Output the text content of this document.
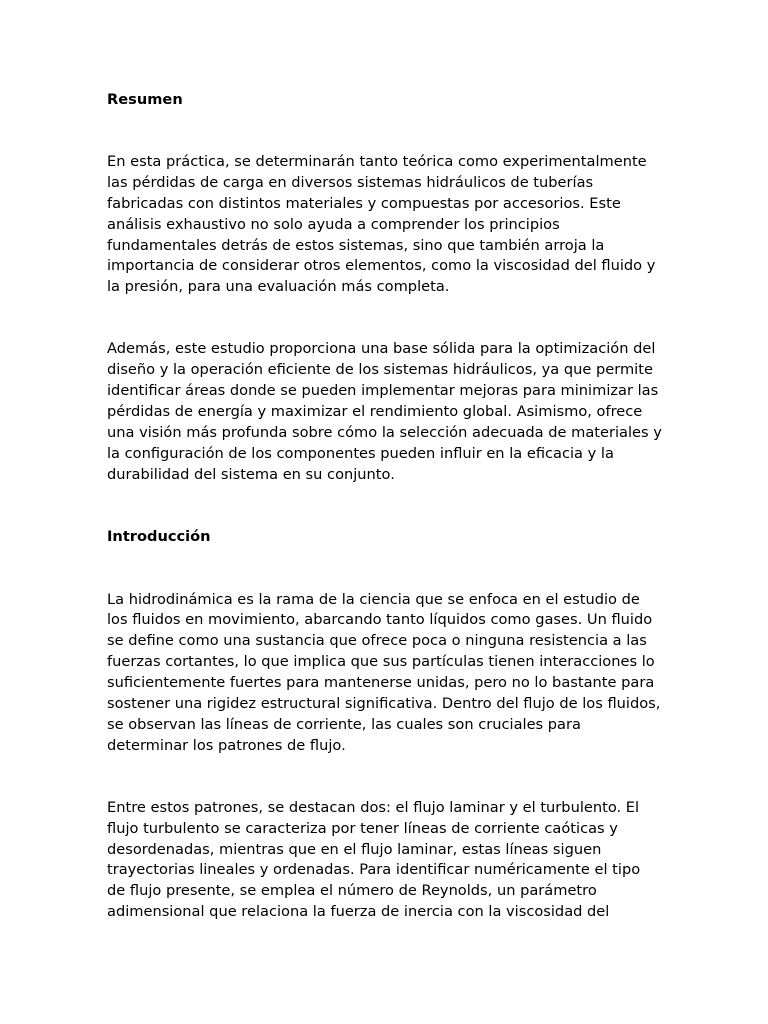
Resumen

En esta práctica, se determinarán tanto teórica como experimentalmente las pérdidas de carga en diversos sistemas hidráulicos de tuberías fabricadas con distintos materiales y compuestas por accesorios. Este análisis exhaustivo no solo ayuda a comprender los principios fundamentales detrás de estos sistemas, sino que también arroja la importancia de considerar otros elementos, como la viscosidad del fluido y la presión, para una evaluación más completa.

Además, este estudio proporciona una base sólida para la optimización del diseño y la operación eficiente de los sistemas hidráulicos, ya que permite identificar áreas donde se pueden implementar mejoras para minimizar las pérdidas de energía y maximizar el rendimiento global. Asimismo, ofrece una visión más profunda sobre cómo la selección adecuada de materiales y la configuración de los componentes pueden influir en la eficacia y la durabilidad del sistema en su conjunto.

Introducción

La hidrodinámica es la rama de la ciencia que se enfoca en el estudio de los fluidos en movimiento, abarcando tanto líquidos como gases. Un fluido se define como una sustancia que ofrece poca o ninguna resistencia a las fuerzas cortantes, lo que implica que sus partículas tienen interacciones lo suficientemente fuertes para mantenerse unidas, pero no lo bastante para sostener una rigidez estructural significativa. Dentro del flujo de los fluidos, se observan las líneas de corriente, las cuales son cruciales para determinar los patrones de flujo.

Entre estos patrones, se destacan dos: el flujo laminar y el turbulento. El flujo turbulento se caracteriza por tener líneas de corriente caóticas y desordenadas, mientras que en el flujo laminar, estas líneas siguen trayectorias lineales y ordenadas. Para identificar numéricamente el tipo de flujo presente, se emplea el número de Reynolds, un parámetro adimensional que relaciona la fuerza de inercia con la viscosidad del
